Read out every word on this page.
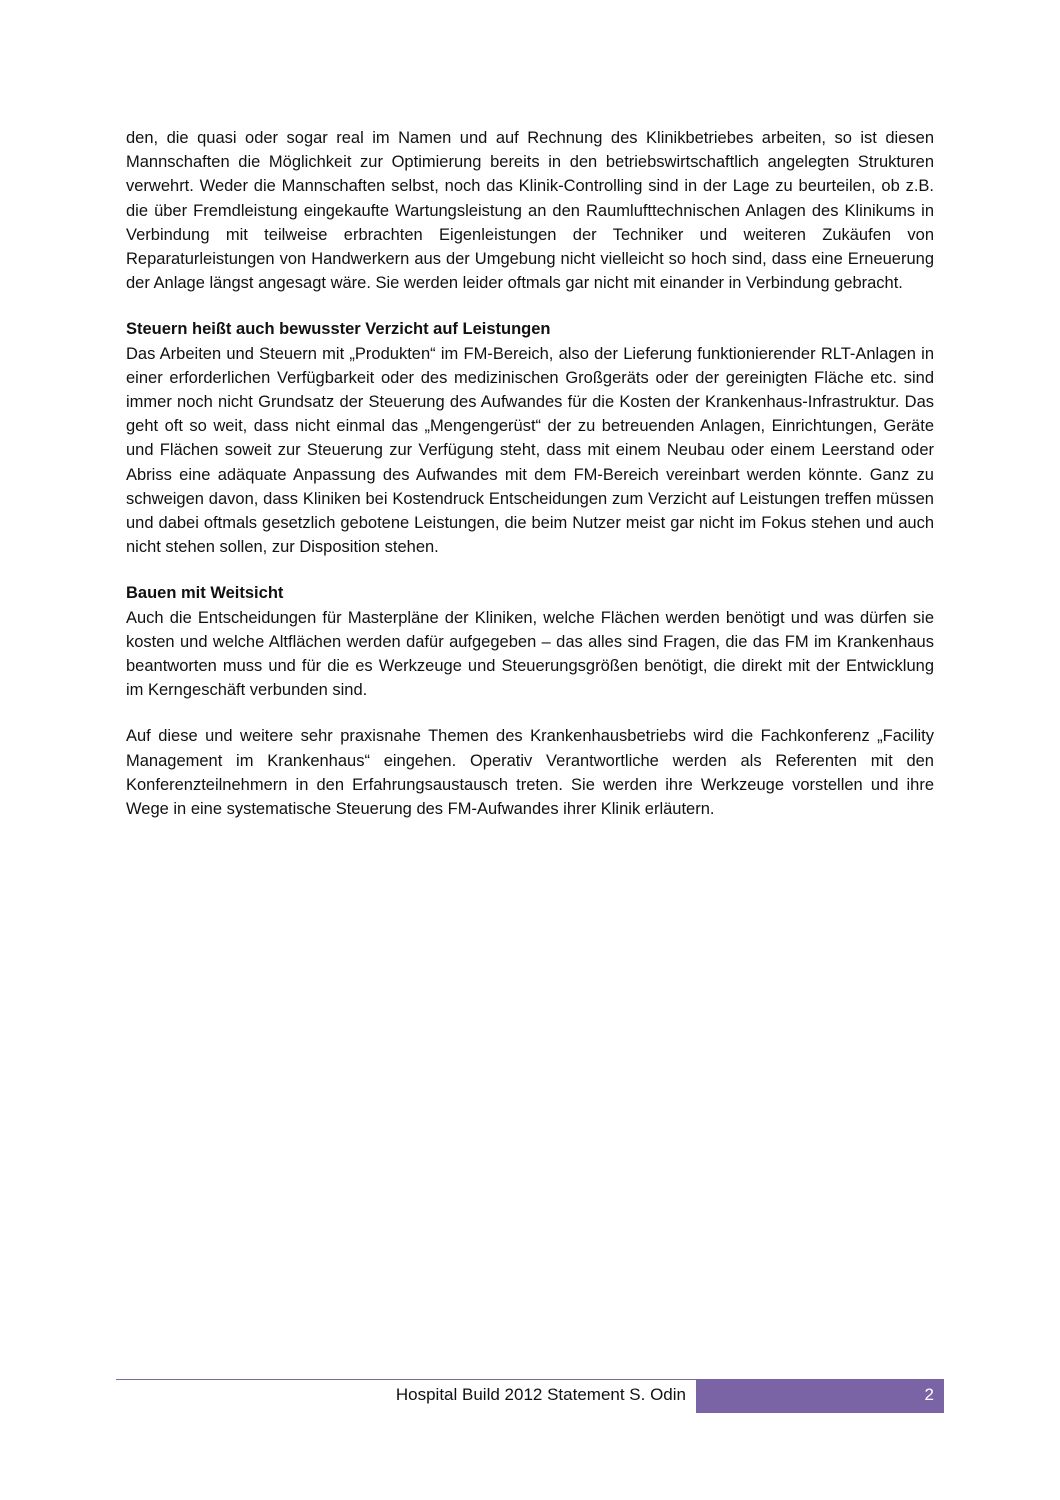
den, die quasi oder sogar real im Namen und auf Rechnung des Klinikbetriebes arbeiten, so ist diesen Mannschaften die Möglichkeit zur Optimierung bereits in den betriebswirtschaftlich angelegten Strukturen verwehrt. Weder die Mannschaften selbst, noch das Klinik-Controlling sind in der Lage zu beurteilen, ob z.B. die über Fremdleistung eingekaufte Wartungsleistung an den Raumlufttechnischen Anlagen des Klinikums in Verbindung mit teilweise erbrachten Eigenleistungen der Techniker und weiteren Zukäufen von Reparaturleistungen von Handwerkern aus der Umgebung nicht vielleicht so hoch sind, dass eine Erneuerung der Anlage längst angesagt wäre. Sie werden leider oftmals gar nicht mit einander in Verbindung gebracht.

Steuern heißt auch bewusster Verzicht auf Leistungen

Das Arbeiten und Steuern mit „Produkten“ im FM-Bereich, also der Lieferung funktionierender RLT-Anlagen in einer erforderlichen Verfügbarkeit oder des medizinischen Großgeräts oder der gereinigten Fläche etc. sind immer noch nicht Grundsatz der Steuerung des Aufwandes für die Kosten der Krankenhaus-Infrastruktur. Das geht oft so weit, dass nicht einmal das „Mengengerüst“ der zu betreuenden Anlagen, Einrichtungen, Geräte und Flächen soweit zur Steuerung zur Verfügung steht, dass mit einem Neubau oder einem Leerstand oder Abriss eine adäquate Anpassung des Aufwandes mit dem FM-Bereich vereinbart werden könnte. Ganz zu schweigen davon, dass Kliniken bei Kostendruck Entscheidungen zum Verzicht auf Leistungen treffen müssen und dabei oftmals gesetzlich gebotene Leistungen, die beim Nutzer meist gar nicht im Fokus stehen und auch nicht stehen sollen, zur Disposition stehen.

Bauen mit Weitsicht

Auch die Entscheidungen für Masterpläne der Kliniken, welche Flächen werden benötigt und was dürfen sie kosten und welche Altflächen werden dafür aufgegeben – das alles sind Fragen, die das FM im Krankenhaus beantworten muss und für die es Werkzeuge und Steuerungsgrößen benötigt, die direkt mit der Entwicklung im Kerngeschäft verbunden sind.

Auf diese und weitere sehr praxisnahe Themen des Krankenhausbetriebs wird die Fachkonferenz „Facility Management im Krankenhaus“ eingehen. Operativ Verantwortliche werden als Referenten mit den Konferenzteilnehmern in den Erfahrungsaustausch treten. Sie werden ihre Werkzeuge vorstellen und ihre Wege in eine systematische Steuerung des FM-Aufwandes ihrer Klinik erläutern.

Hospital Build 2012 Statement S. Odin	2
